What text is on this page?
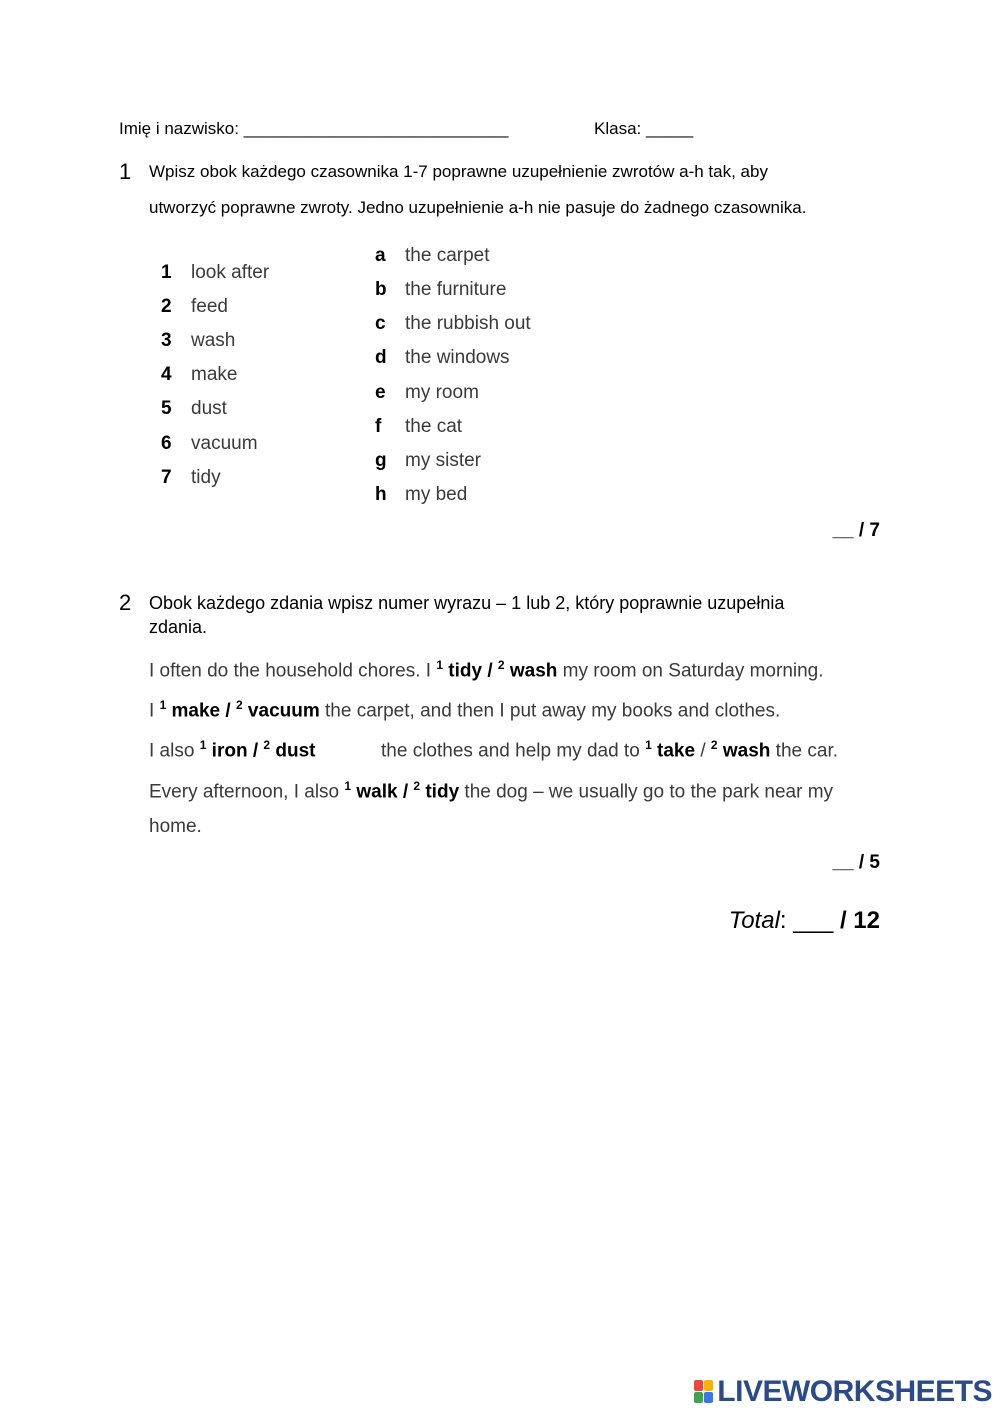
Imię i nazwisko: ____________________________	Klasa: _____
1 Wpisz obok każdego czasownika 1-7 poprawne uzupełnienie zwrotów a-h tak, aby
utworzyć poprawne zwroty. Jedno uzupełnienie a-h nie pasuje do żadnego czasownika.
1 look after
2 feed
3 wash
4 make
5 dust
6 vacuum
7 tidy
a the carpet
b the furniture
c the rubbish out
d the windows
e my room
f the cat
g my sister
h my bed
__ / 7
2 Obok każdego zdania wpisz numer wyrazu – 1 lub 2, który poprawnie uzupełnia
zdania.
I often do the household chores. I $^1$ tidy / $^2$ wash my room on Saturday morning.
I $^1$ make / $^2$ vacuum the carpet, and then I put away my books and clothes.
I also $^1$ iron / $^2$ dust	the clothes and help my dad to $^1$ take / $^2$ wash the car.
Every afternoon, I also $^1$ walk / $^2$ tidy the dog – we usually go to the park near my
home.
__ / 5
Total: ___ / 12
LIVEWORKSHEETS
